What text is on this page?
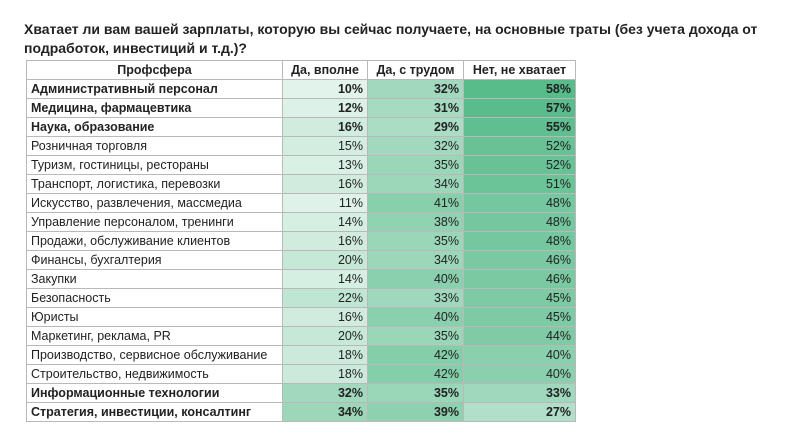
Хватает ли вам вашей зарплаты, которую вы сейчас получаете, на основные траты (без учета дохода от подработок, инвестиций и т.д.)?
Профсфера	Да, вполне	Да, с трудом	Нет, не хватает
Административный персонал	10%	32%	58%
Медицина, фармацевтика	12%	31%	57%
Наука, образование	16%	29%	55%
Розничная торговля	15%	32%	52%
Туризм, гостиницы, рестораны	13%	35%	52%
Транспорт, логистика, перевозки	16%	34%	51%
Искусство, развлечения, массмедиа	11%	41%	48%
Управление персоналом, тренинги	14%	38%	48%
Продажи, обслуживание клиентов	16%	35%	48%
Финансы, бухгалтерия	20%	34%	46%
Закупки	14%	40%	46%
Безопасность	22%	33%	45%
Юристы	16%	40%	45%
Маркетинг, реклама, PR	20%	35%	44%
Производство, сервисное обслуживание	18%	42%	40%
Строительство, недвижимость	18%	42%	40%
Информационные технологии	32%	35%	33%
Стратегия, инвестиции, консалтинг	34%	39%	27%
